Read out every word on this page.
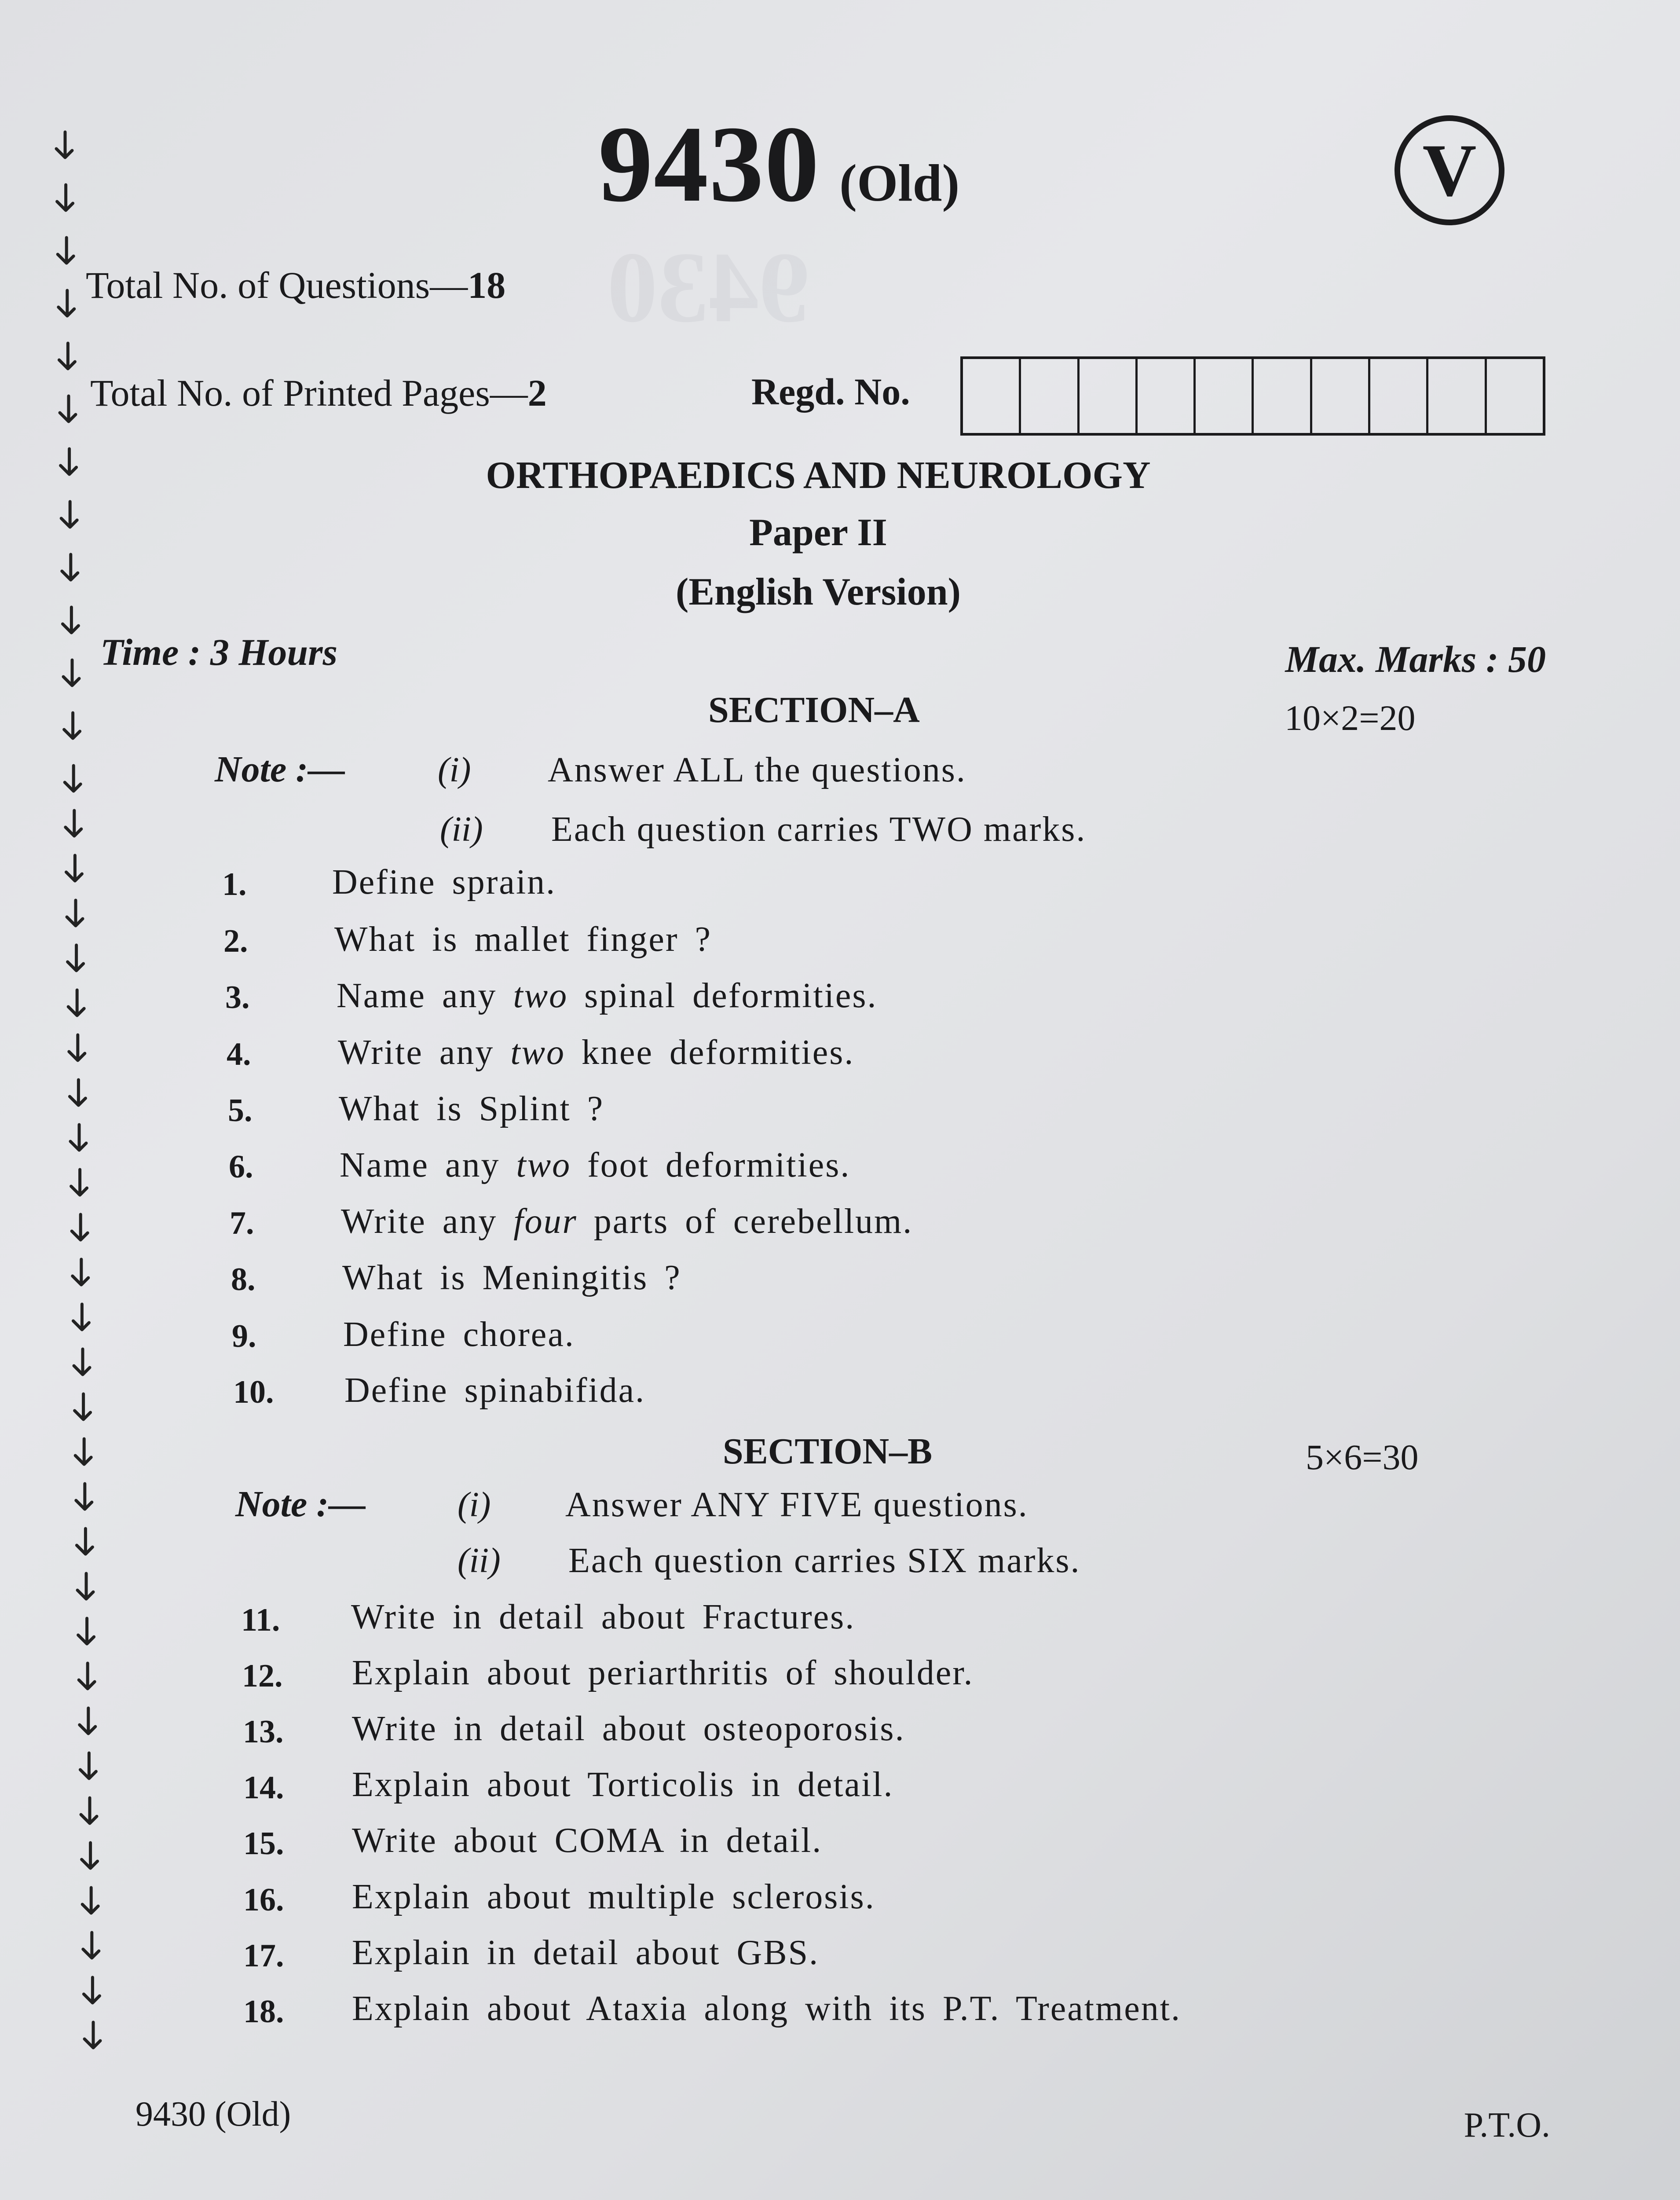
9430
9430 (Old)	V
Total No. of Questions—18
Total No. of Printed Pages—2	Regd. No.
ORTHOPAEDICS AND NEUROLOGY
Paper II
(English Version)
Time : 3 Hours	Max. Marks : 50
SECTION–A	10×2=20
Note :—	(i) Answer ALL the questions.
(ii) Each question carries TWO marks.
1. Define sprain.
2. What is mallet finger ?
3. Name any two spinal deformities.
4. Write any two knee deformities.
5. What is Splint ?
6. Name any two foot deformities.
7. Write any four parts of cerebellum.
8. What is Meningitis ?
9. Define chorea.
10. Define spinabifida.
SECTION–B	5×6=30
Note :—	(i) Answer ANY FIVE questions.
(ii) Each question carries SIX marks.
11. Write in detail about Fractures.
12. Explain about periarthritis of shoulder.
13. Write in detail about osteoporosis.
14. Explain about Torticolis in detail.
15. Write about COMA in detail.
16. Explain about multiple sclerosis.
17. Explain in detail about GBS.
18. Explain about Ataxia along with its P.T. Treatment.
9430 (Old)	P.T.O.
